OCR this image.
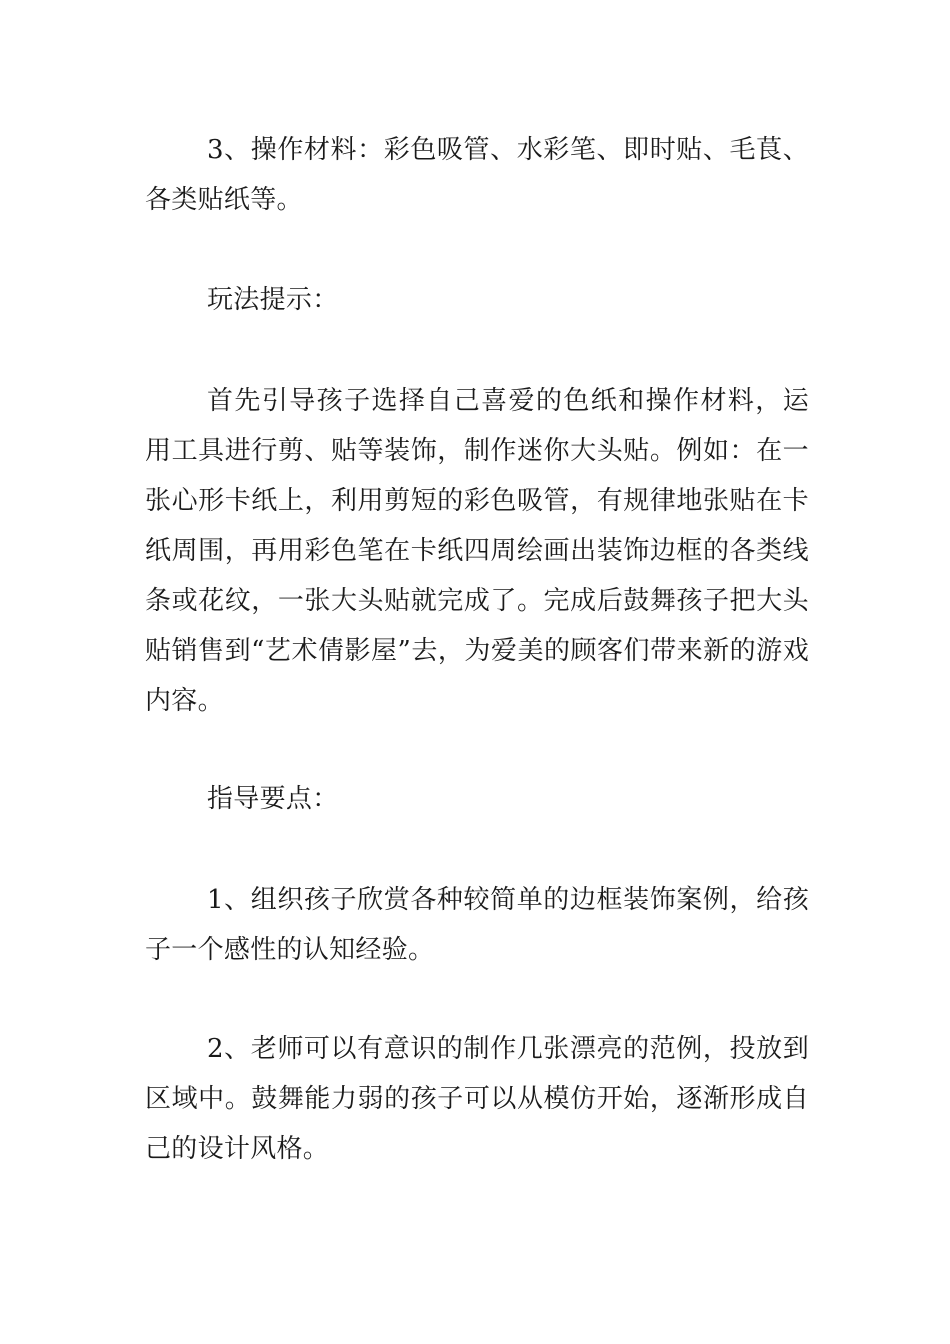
3、操作材料：彩色吸管、水彩笔、即时贴、毛茛、各类贴纸等。

玩法提示：

首先引导孩子选择自己喜爱的色纸和操作材料，运用工具进行剪、贴等装饰，制作迷你大头贴。例如：在一张心形卡纸上，利用剪短的彩色吸管，有规律地张贴在卡纸周围，再用彩色笔在卡纸四周绘画出装饰边框的各类线条或花纹，一张大头贴就完成了。完成后鼓舞孩子把大头贴销售到“艺术倩影屋”去，为爱美的顾客们带来新的游戏内容。

指导要点：

1、组织孩子欣赏各种较简单的边框装饰案例，给孩子一个感性的认知经验。

2、老师可以有意识的制作几张漂亮的范例，投放到区域中。鼓舞能力弱的孩子可以从模仿开始，逐渐形成自己的设计风格。
